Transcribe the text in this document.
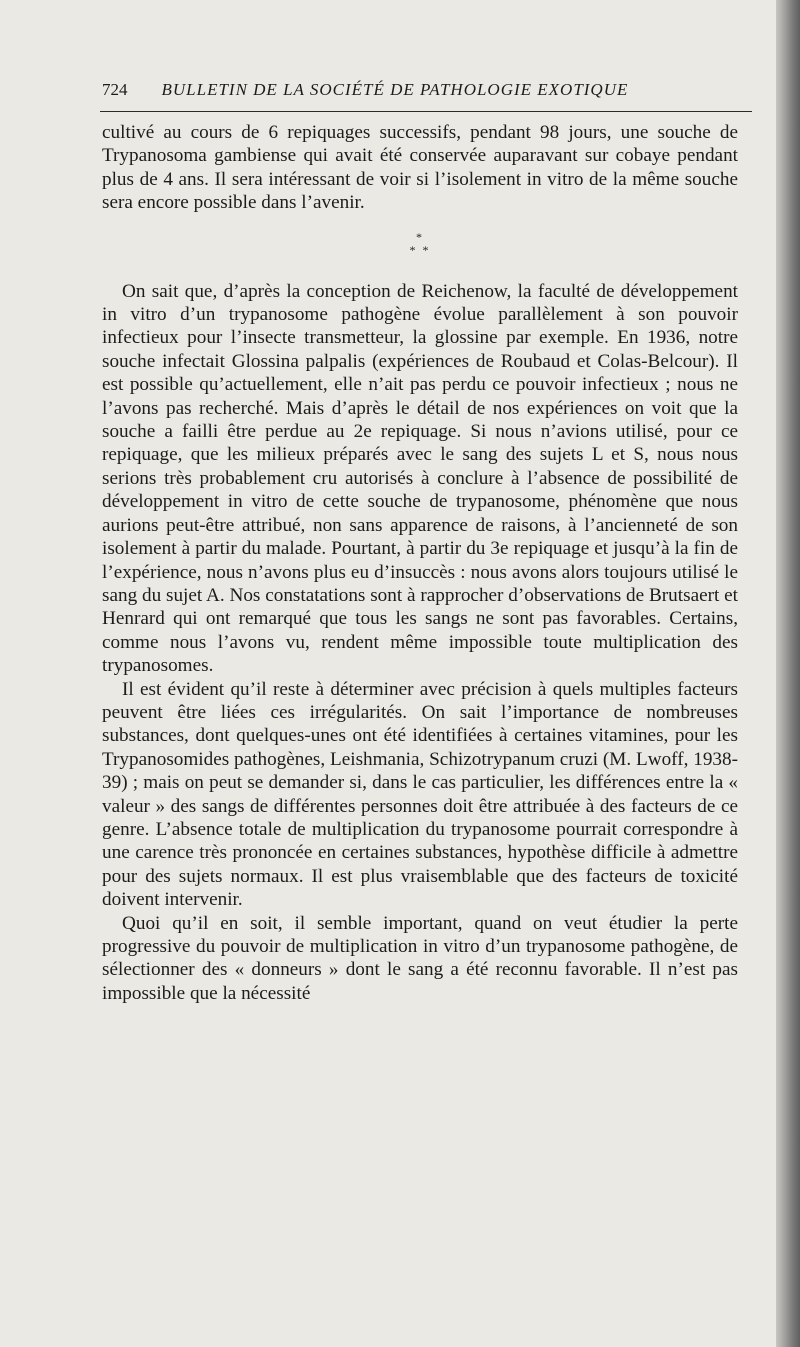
724 BULLETIN DE LA SOCIÉTÉ DE PATHOLOGIE EXOTIQUE

cultivé au cours de 6 repiquages successifs, pendant 98 jours, une souche de Trypanosoma gambiense qui avait été conservée auparavant sur cobaye pendant plus de 4 ans. Il sera intéressant de voir si l’isolement in vitro de la même souche sera encore possible dans l’avenir.

*
* *

On sait que, d’après la conception de Reichenow, la faculté de développement in vitro d’un trypanosome pathogène évolue parallèlement à son pouvoir infectieux pour l’insecte transmetteur, la glossine par exemple. En 1936, notre souche infectait Glossina palpalis (expériences de Roubaud et Colas-Belcour). Il est possible qu’actuellement, elle n’ait pas perdu ce pouvoir infectieux ; nous ne l’avons pas recherché. Mais d’après le détail de nos expériences on voit que la souche a failli être perdue au 2e repiquage. Si nous n’avions utilisé, pour ce repiquage, que les milieux préparés avec le sang des sujets L et S, nous nous serions très probablement cru autorisés à conclure à l’absence de possibilité de développement in vitro de cette souche de trypanosome, phénomène que nous aurions peut-être attribué, non sans apparence de raisons, à l’ancienneté de son isolement à partir du malade. Pourtant, à partir du 3e repiquage et jusqu’à la fin de l’expérience, nous n’avons plus eu d’insuccès : nous avons alors toujours utilisé le sang du sujet A. Nos constatations sont à rapprocher d’observations de Brutsaert et Henrard qui ont remarqué que tous les sangs ne sont pas favorables. Certains, comme nous l’avons vu, rendent même impossible toute multiplication des trypanosomes.

Il est évident qu’il reste à déterminer avec précision à quels multiples facteurs peuvent être liées ces irrégularités. On sait l’importance de nombreuses substances, dont quelques-unes ont été identifiées à certaines vitamines, pour les Trypanosomides pathogènes, Leishmania, Schizotrypanum cruzi (M. Lwoff, 1938-39) ; mais on peut se demander si, dans le cas particulier, les différences entre la « valeur » des sangs de différentes personnes doit être attribuée à des facteurs de ce genre. L’absence totale de multiplication du trypanosome pourrait correspondre à une carence très prononcée en certaines substances, hypothèse difficile à admettre pour des sujets normaux. Il est plus vraisemblable que des facteurs de toxicité doivent intervenir.

Quoi qu’il en soit, il semble important, quand on veut étudier la perte progressive du pouvoir de multiplication in vitro d’un trypanosome pathogène, de sélectionner des « donneurs » dont le sang a été reconnu favorable. Il n’est pas impossible que la nécessité
